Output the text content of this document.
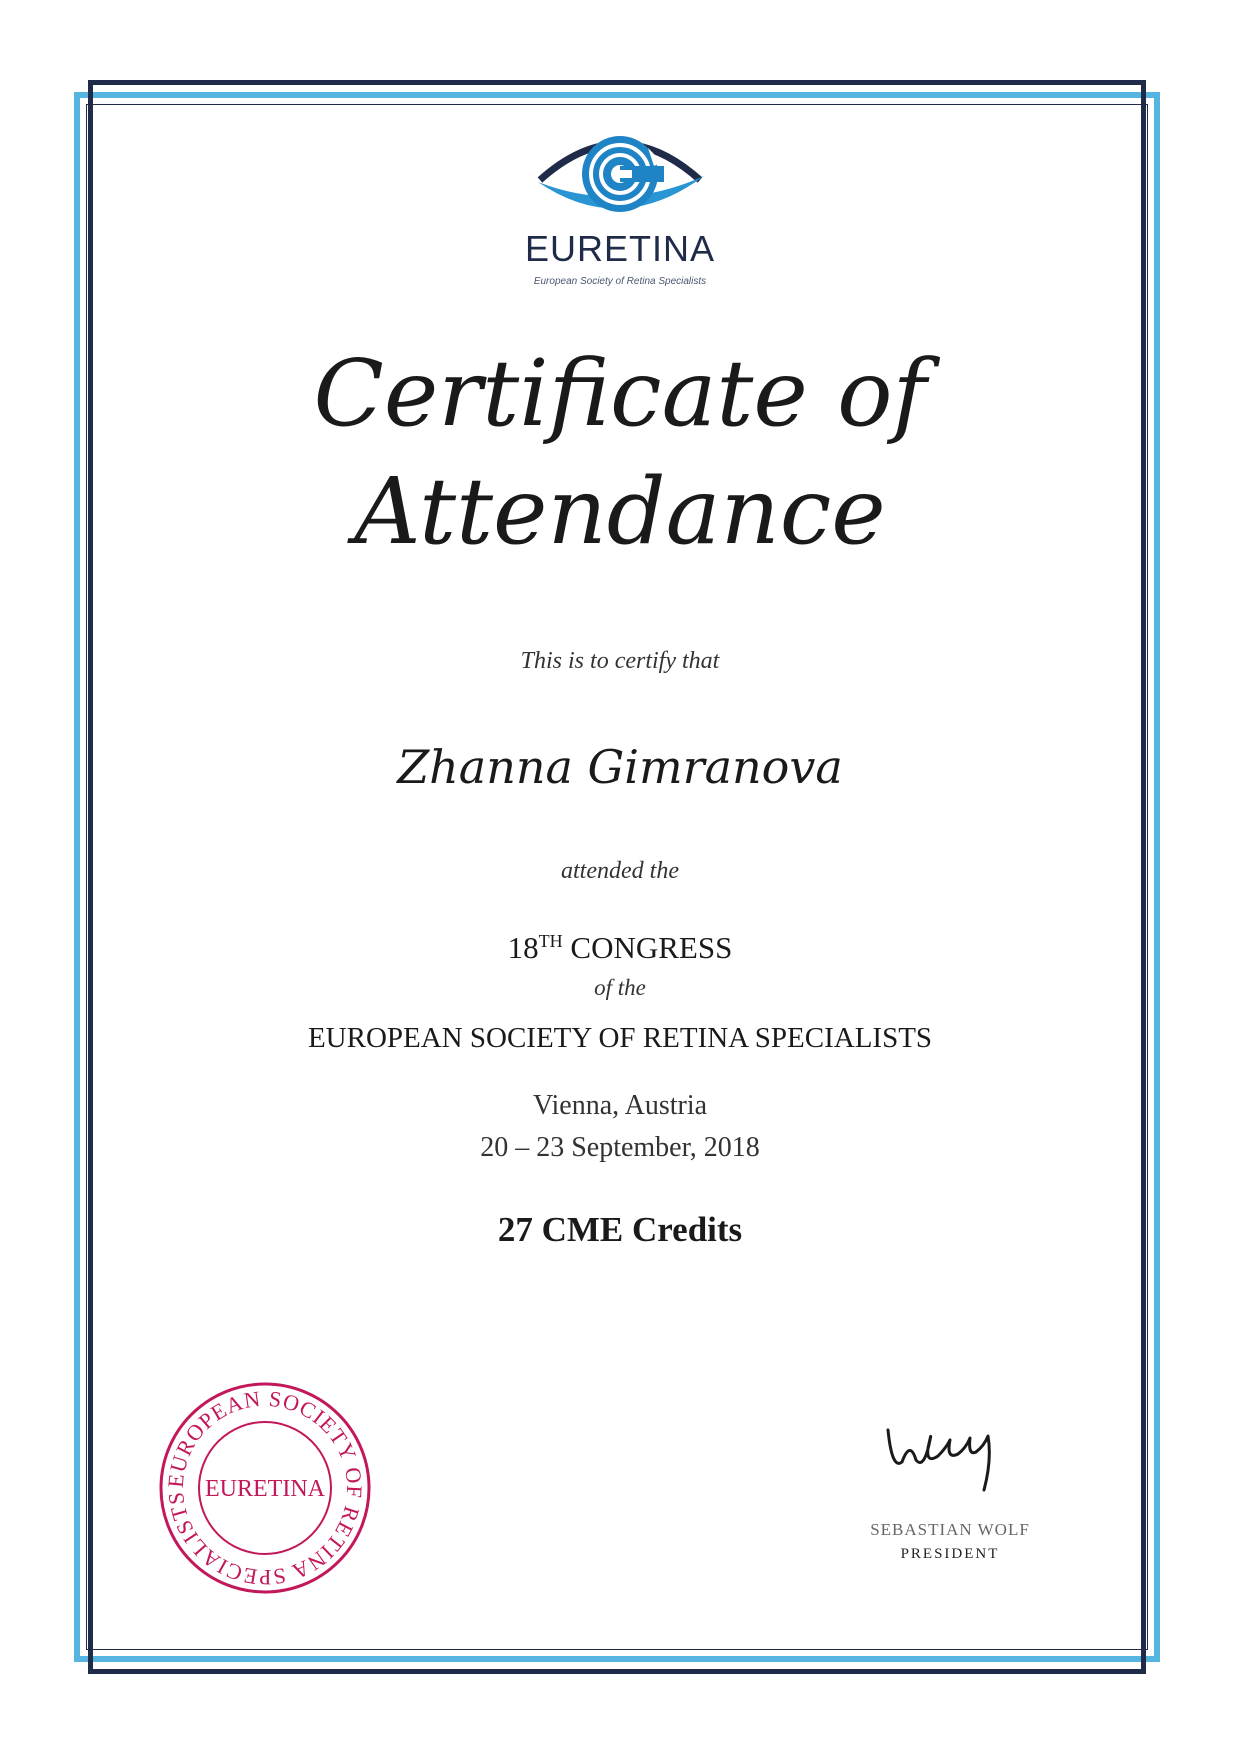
EURETINA
European Society of Retina Specialists
Certificate of
Attendance
This is to certify that
Zhanna Gimranova
attended the
18TH CONGRESS
of the
EUROPEAN SOCIETY OF RETINA SPECIALISTS
Vienna, Austria
20 – 23 September, 2018
27 CME Credits
EUROPEAN SOCIETY OF RETINA SPECIALISTS EURETINA
SEBASTIAN WOLF
PRESIDENT
